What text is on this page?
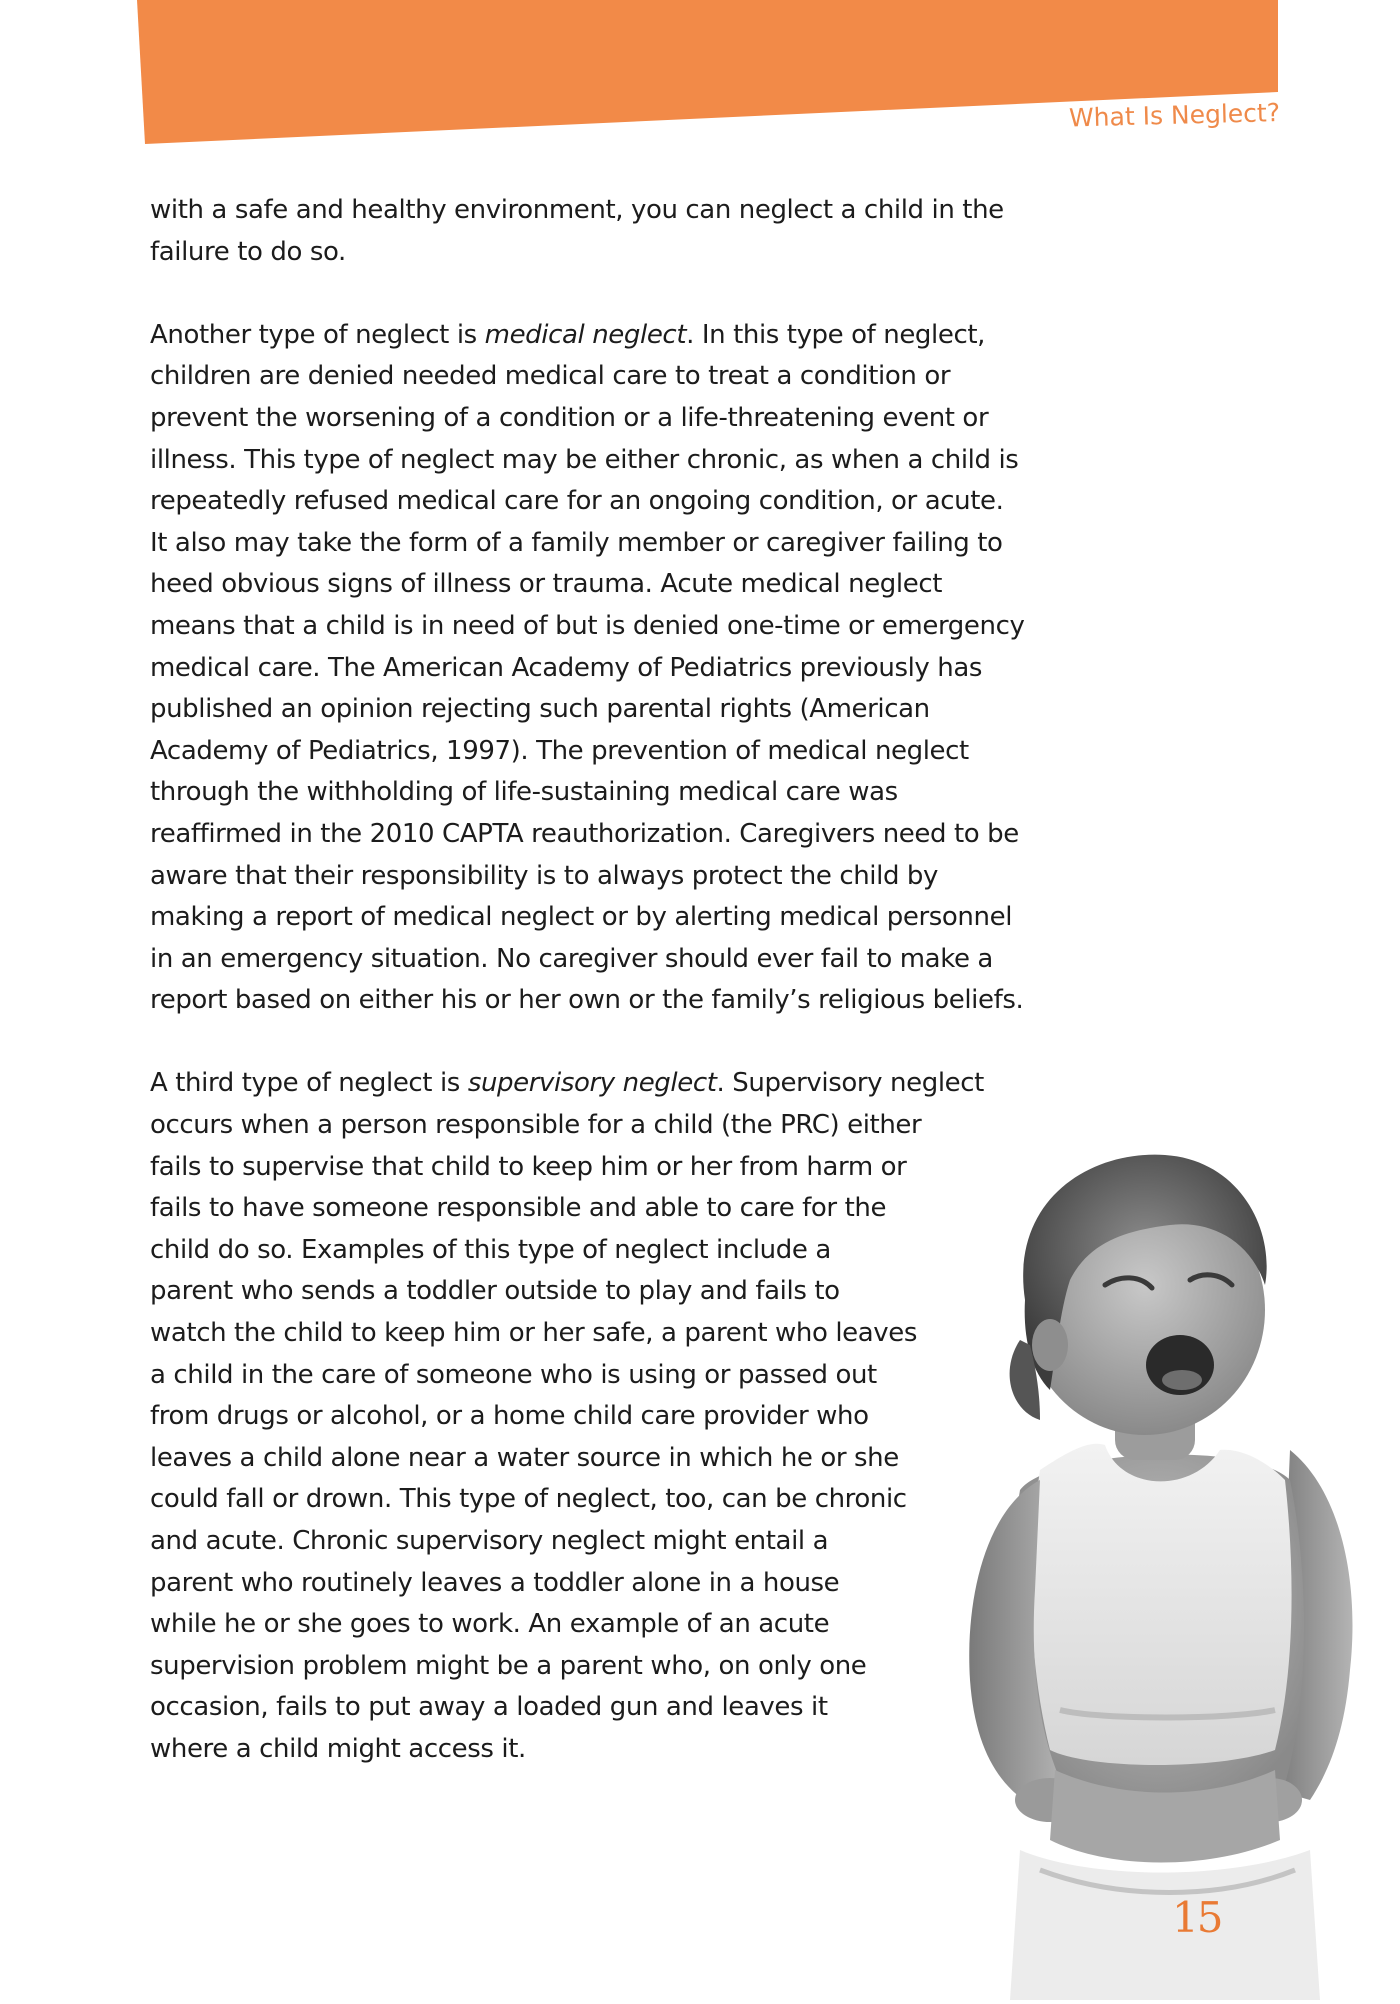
What Is Neglect?

with a safe and healthy environment, you can neglect a child in the
failure to do so.

Another type of neglect is medical neglect. In this type of neglect,
children are denied needed medical care to treat a condition or
prevent the worsening of a condition or a life-threatening event or
illness. This type of neglect may be either chronic, as when a child is
repeatedly refused medical care for an ongoing condition, or acute.
It also may take the form of a family member or caregiver failing to
heed obvious signs of illness or trauma. Acute medical neglect
means that a child is in need of but is denied one-time or emergency
medical care. The American Academy of Pediatrics previously has
published an opinion rejecting such parental rights (American
Academy of Pediatrics, 1997). The prevention of medical neglect
through the withholding of life-sustaining medical care was
reaffirmed in the 2010 CAPTA reauthorization. Caregivers need to be
aware that their responsibility is to always protect the child by
making a report of medical neglect or by alerting medical personnel
in an emergency situation. No caregiver should ever fail to make a
report based on either his or her own or the family’s religious beliefs.

A third type of neglect is supervisory neglect. Supervisory neglect
occurs when a person responsible for a child (the PRC) either
fails to supervise that child to keep him or her from harm or
fails to have someone responsible and able to care for the
child do so. Examples of this type of neglect include a
parent who sends a toddler outside to play and fails to
watch the child to keep him or her safe, a parent who leaves
a child in the care of someone who is using or passed out
from drugs or alcohol, or a home child care provider who
leaves a child alone near a water source in which he or she
could fall or drown. This type of neglect, too, can be chronic
and acute. Chronic supervisory neglect might entail a
parent who routinely leaves a toddler alone in a house
while he or she goes to work. An example of an acute
supervision problem might be a parent who, on only one
occasion, fails to put away a loaded gun and leaves it
where a child might access it.

15
